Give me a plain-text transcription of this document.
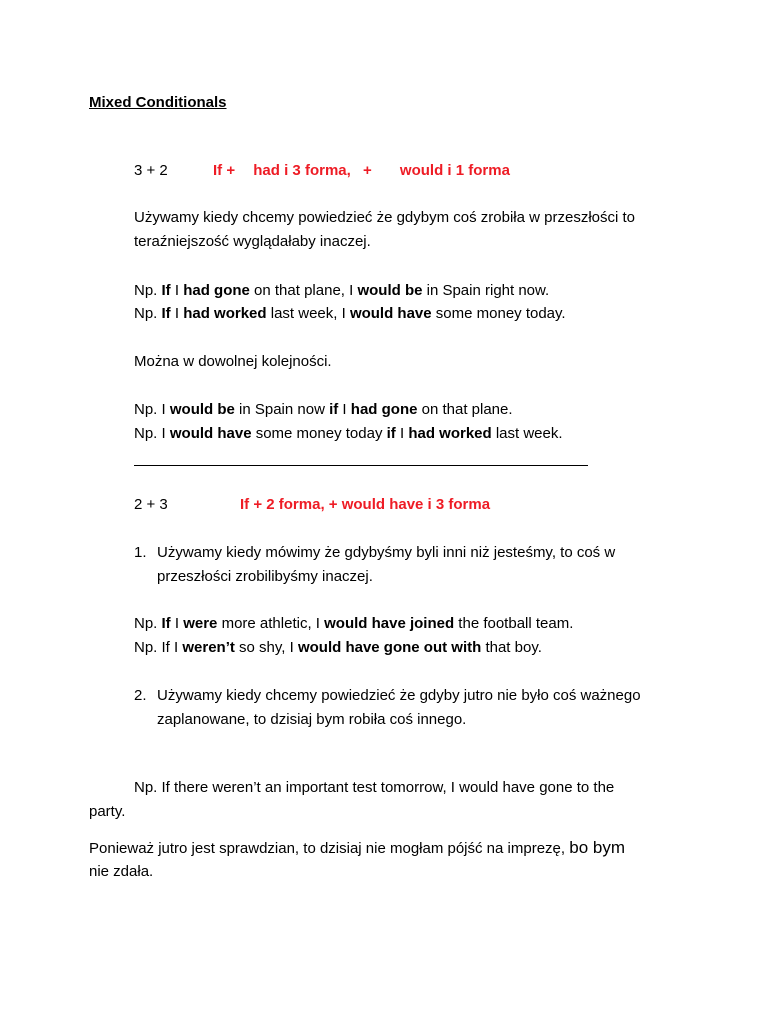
Mixed Conditionals
3 + 2	If + had i 3 forma, + would i 1 forma
Używamy kiedy chcemy powiedzieć że gdybym coś zrobiła w przeszłości to
teraźniejszość wyglądałaby inaczej.
Np. If I had gone on that plane, I would be in Spain right now.
Np. If I had worked last week, I would have some money today.
Można w dowolnej kolejności.
Np. I would be in Spain now if I had gone on that plane.
Np. I would have some money today if I had worked last week.
2 + 3	If + 2 forma, + would have i 3 forma
1. Używamy kiedy mówimy że gdybyśmy byli inni niż jesteśmy, to coś w
przeszłości zrobilibyśmy inaczej.
Np. If I were more athletic, I would have joined the football team.
Np. If I weren’t so shy, I would have gone out with that boy.
2. Używamy kiedy chcemy powiedzieć że gdyby jutro nie było coś ważnego
zaplanowane, to dzisiaj bym robiła coś innego.
Np. If there weren’t an important test tomorrow, I would have gone to the
party.
Ponieważ jutro jest sprawdzian, to dzisiaj nie mogłam pójść na imprezę, bo bym
nie zdała.
